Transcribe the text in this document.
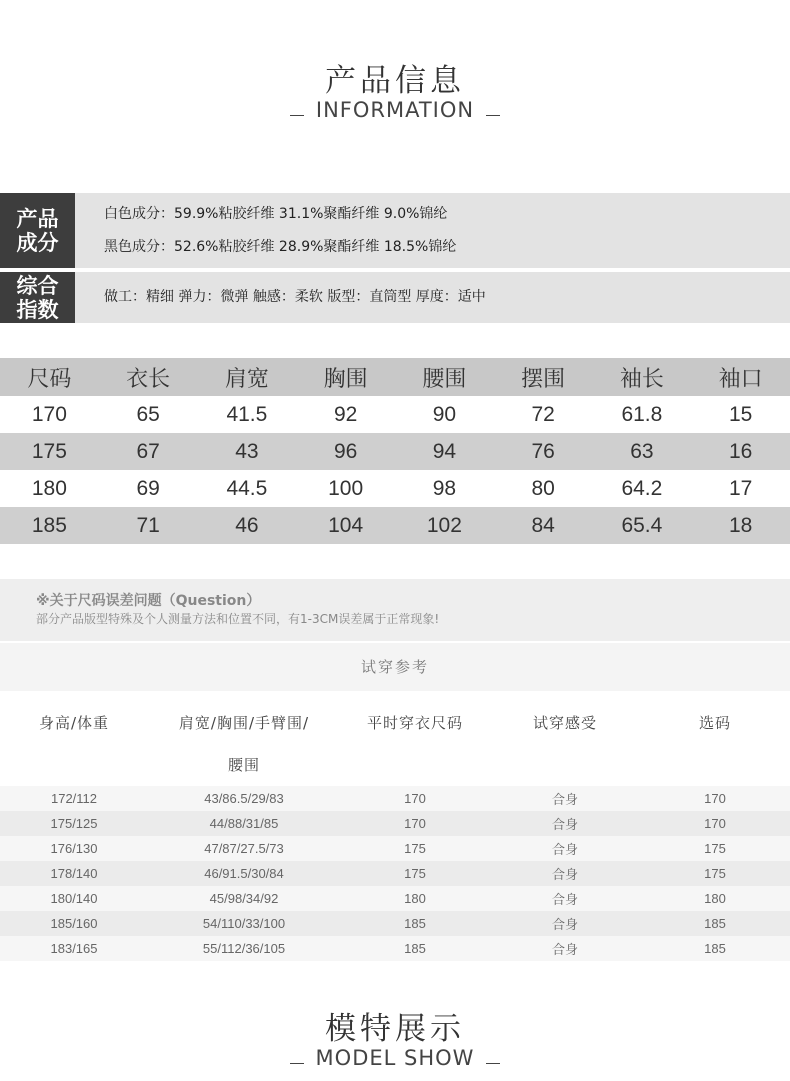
产品信息
INFORMATION
产品成分
白色成分：59.9%粘胶纤维 31.1%聚酯纤维 9.0%锦纶
黑色成分：52.6%粘胶纤维 28.9%聚酯纤维 18.5%锦纶
综合指数
做工：精细 弹力：微弹 触感：柔软 版型：直筒型 厚度：适中
尺码	衣长	肩宽	胸围	腰围	摆围	袖长	袖口
170	65	41.5	92	90	72	61.8	15
175	67	43	96	94	76	63	16
180	69	44.5	100	98	80	64.2	17
185	71	46	104	102	84	65.4	18
※关于尺码误差问题（Question）
部分产品版型特殊及个人测量方法和位置不同，有1-3CM误差属于正常现象!
试穿参考
身高/体重	肩宽/胸围/手臂围/腰围	平时穿衣尺码	试穿感受	选码
172/112	43/86.5/29/83	170	合身	170
175/125	44/88/31/85	170	合身	170
176/130	47/87/27.5/73	175	合身	175
178/140	46/91.5/30/84	175	合身	175
180/140	45/98/34/92	180	合身	180
185/160	54/110/33/100	185	合身	185
183/165	55/112/36/105	185	合身	185
模特展示
MODEL SHOW
